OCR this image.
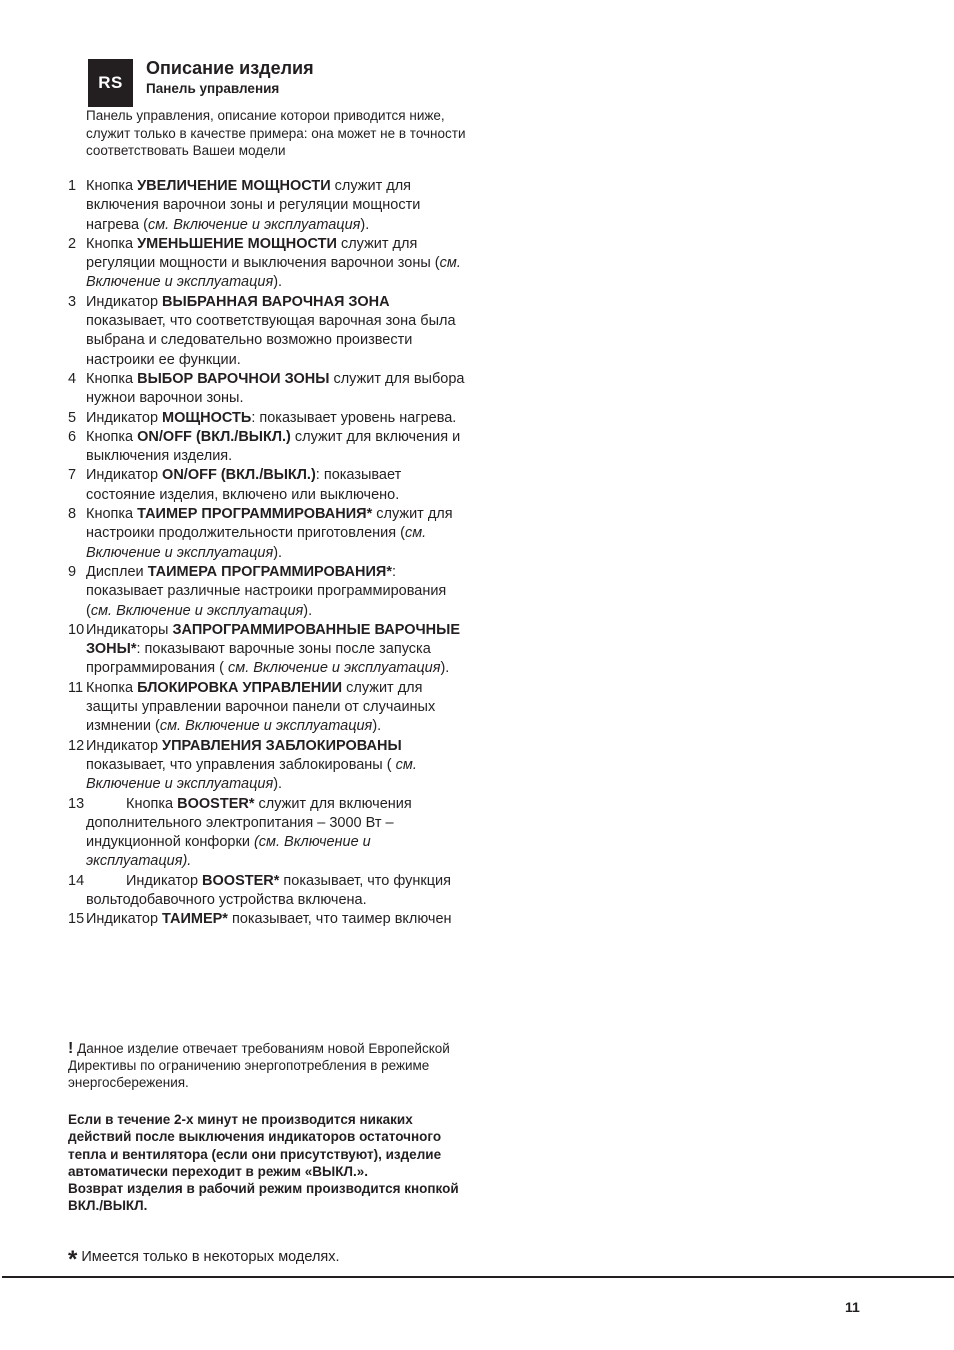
RS
Описание изделия
Панель управления
Панель управления, описание которои приводится ниже, служит только в качестве примера: она может не в точности соответствовать Вашеи модели
1 Кнопка УВЕЛИЧЕНИЕ МОЩНОСТИ служит для включения варочнои зоны и регуляции мощности нагрева (см. Включение и эксплуатация).
2 Кнопка УМЕНЬШЕНИЕ МОЩНОСТИ служит для регуляции мощности и выключения варочнои зоны (см. Включение и эксплуатация).
3 Индикатор ВЫБРАННАЯ ВАРОЧНАЯ ЗОНА показывает, что соответствующая варочная зона была выбрана и следовательно возможно произвести настроики ее функции.
4 Кнопка ВЫБОР ВАРОЧНОИ ЗОНЫ служит для выбора нужнои варочнои зоны.
5 Индикатор МОЩНОСТЬ: показывает уровень нагрева.
6 Кнопка ON/OFF (ВКЛ./ВЫКЛ.) служит для включения и выключения изделия.
7 Индикатор ON/OFF (ВКЛ./ВЫКЛ.): показывает состояние изделия, включено или выключено.
8 Кнопка ТАИМЕР ПРОГРАММИРОВАНИЯ* служит для настроики продолжительности приготовления (см. Включение и эксплуатация).
9 Дисплеи ТАИМЕРА ПРОГРАММИРОВАНИЯ*: показывает различные настроики программирования (см. Включение и эксплуатация).
10 Индикаторы ЗАПРОГРАММИРОВАННЫЕ ВАРОЧНЫЕ ЗОНЫ*: показывают варочные зоны после запуска программирования ( см. Включение и эксплуатация).
11 Кнопка БЛОКИРОВКА УПРАВЛЕНИИ служит для защиты управлении варочнои панели от случаиных измнении (см. Включение и эксплуатация).
12 Индикатор УПРАВЛЕНИЯ ЗАБЛОКИРОВАНЫ показывает, что управления заблокированы ( см. Включение и эксплуатация).
13	Кнопка BOOSTER* служит для включения дополнительного электропитания – 3000 Вт – индукционной конфорки (см. Включение и эксплуатация).
14	Индикатор BOOSTER* показывает, что функция вольтодобавочного устройства включена.
15 Индикатор ТАИМЕР* показывает, что таимер включен
! Данное изделие отвечает требованиям новой Европейской Директивы по ограничению энергопотребления в режиме энергосбережения.

Если в течение 2-х минут не производится никаких действий после выключения индикаторов остаточного тепла и вентилятора (если они присутствуют), изделие автоматически переходит в режим «ВЫКЛ.».

Возврат изделия в рабочий режим производится кнопкой ВКЛ./ВЫКЛ.

* Имеется только в некоторых моделях.
11
